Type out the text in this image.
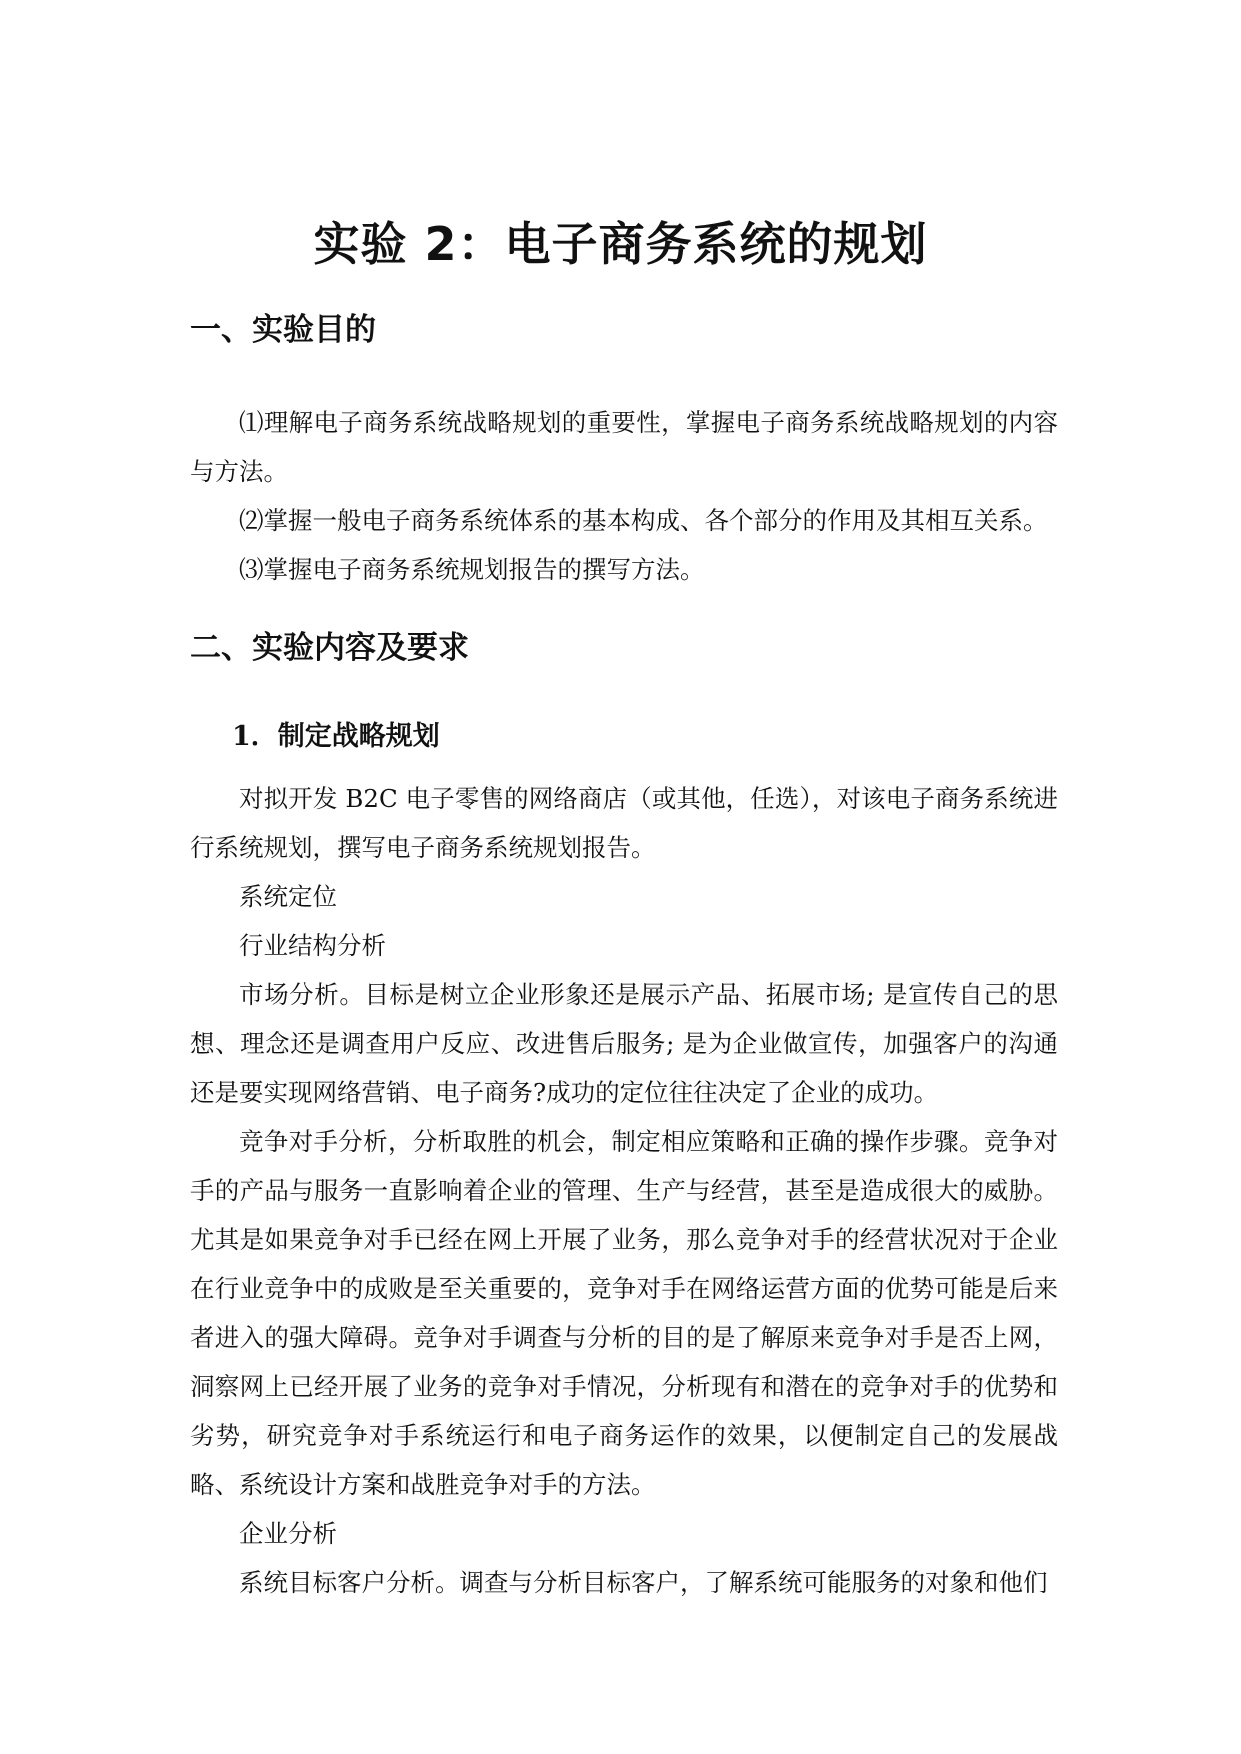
实验 2：电子商务系统的规划
一、实验目的

⑴理解电子商务系统战略规划的重要性，掌握电子商务系统战略规划的内容与方法。

⑵掌握一般电子商务系统体系的基本构成、各个部分的作用及其相互关系。

⑶掌握电子商务系统规划报告的撰写方法。

二、实验内容及要求
1．制定战略规划

对拟开发 B2C 电子零售的网络商店（或其他，任选），对该电子商务系统进行系统规划，撰写电子商务系统规划报告。

系统定位

行业结构分析

市场分析。目标是树立企业形象还是展示产品、拓展市场; 是宣传自己的思想、理念还是调查用户反应、改进售后服务; 是为企业做宣传，加强客户的沟通还是要实现网络营销、电子商务?成功的定位往往决定了企业的成功。

竞争对手分析，分析取胜的机会，制定相应策略和正确的操作步骤。竞争对手的产品与服务一直影响着企业的管理、生产与经营，甚至是造成很大的威胁。尤其是如果竞争对手已经在网上开展了业务，那么竞争对手的经营状况对于企业在行业竞争中的成败是至关重要的，竞争对手在网络运营方面的优势可能是后来者进入的强大障碍。竞争对手调查与分析的目的是了解原来竞争对手是否上网，洞察网上已经开展了业务的竞争对手情况，分析现有和潜在的竞争对手的优势和劣势，研究竞争对手系统运行和电子商务运作的效果，以便制定自己的发展战略、系统设计方案和战胜竞争对手的方法。

企业分析

系统目标客户分析。调查与分析目标客户，了解系统可能服务的对象和他们
